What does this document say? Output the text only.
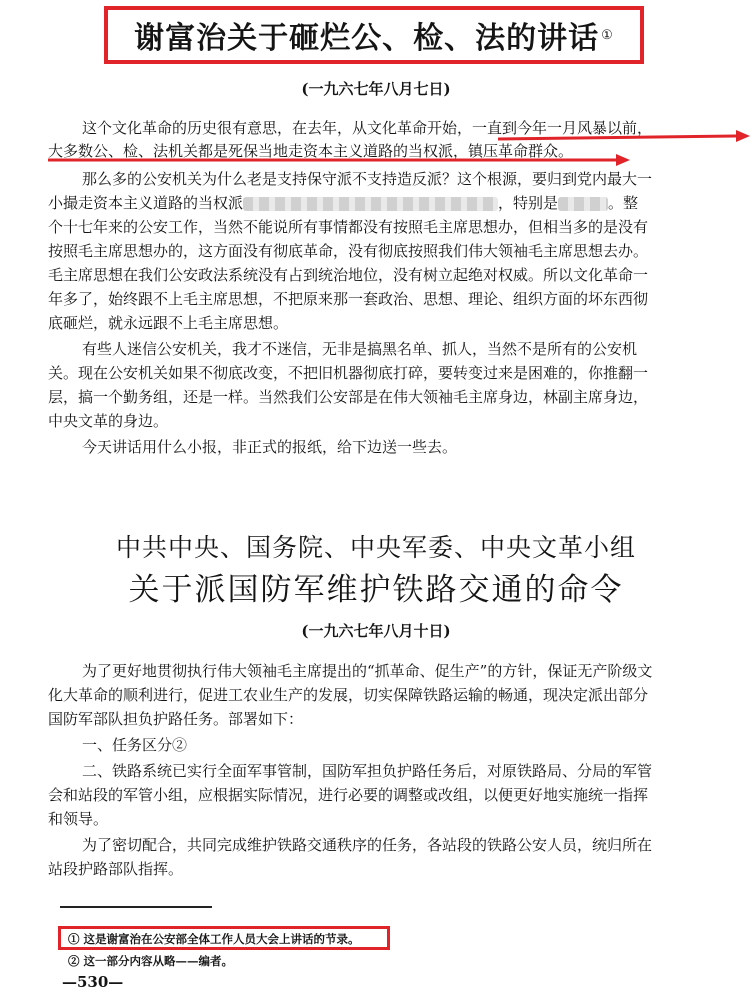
谢富治关于砸烂公、检、法的讲话 ①
(一九六七年八月七日)
这个文化革命的历史很有意思，在去年，从文化革命开始，一直到今年一月风暴以前，
大多数公、检、法机关都是死保当地走资本主义道路的当权派，镇压革命群众。
那么多的公安机关为什么老是支持保守派不支持造反派？这个根源，要归到党内最大一
小撮走资本主义道路的当权派	，特别是	。整
个十七年来的公安工作，当然不能说所有事情都没有按照毛主席思想办，但相当多的是没有
按照毛主席思想办的，这方面没有彻底革命，没有彻底按照我们伟大领袖毛主席思想去办。
毛主席思想在我们公安政法系统没有占到统治地位，没有树立起绝对权威。所以文化革命一
年多了，始终跟不上毛主席思想，不把原来那一套政治、思想、理论、组织方面的坏东西彻
底砸烂，就永远跟不上毛主席思想。
有些人迷信公安机关，我才不迷信，无非是搞黑名单、抓人，当然不是所有的公安机
关。现在公安机关如果不彻底改变，不把旧机器彻底打碎，要转变过来是困难的，你推翻一
层，搞一个勤务组，还是一样。当然我们公安部是在伟大领袖毛主席身边，林副主席身边，
中央文革的身边。
今天讲话用什么小报，非正式的报纸，给下边送一些去。
中共中央、国务院、中央军委、中央文革小组
关于派国防军维护铁路交通的命令
(一九六七年八月十日)
为了更好地贯彻执行伟大领袖毛主席提出的“抓革命、促生产”的方针，保证无产阶级文
化大革命的顺利进行，促进工农业生产的发展，切实保障铁路运输的畅通，现决定派出部分
国防军部队担负护路任务。部署如下：
一、任务区分②
二、铁路系统已实行全面军事管制，国防军担负护路任务后，对原铁路局、分局的军管
会和站段的军管小组，应根据实际情况，进行必要的调整或改组，以便更好地实施统一指挥
和领导。
为了密切配合，共同完成维护铁路交通秩序的任务，各站段的铁路公安人员，统归所在
站段护路部队指挥。
① 这是谢富治在公安部全体工作人员大会上讲话的节录。
② 这一部分内容从略——编者。
—530—
